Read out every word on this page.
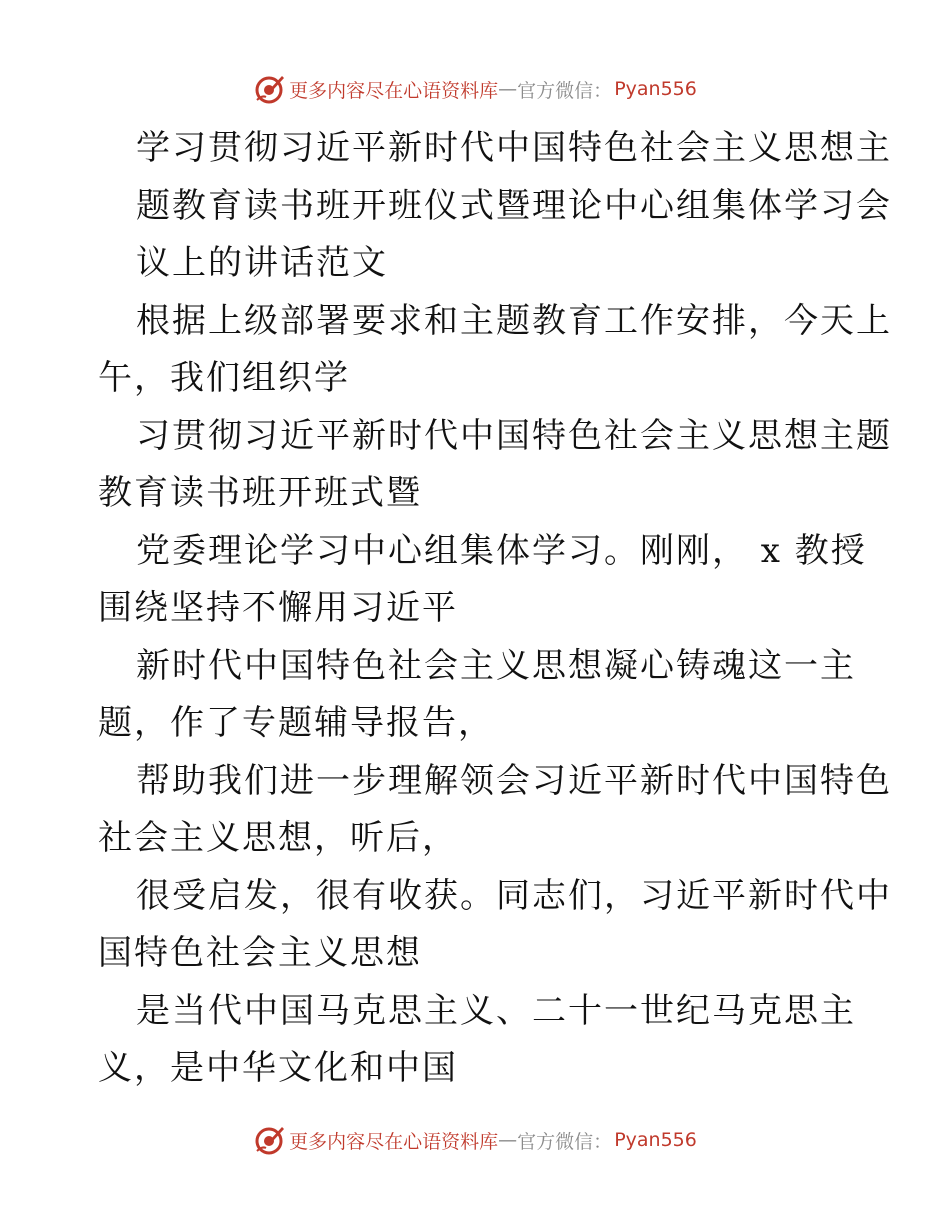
更多内容尽在心语资料库 — 官方微信： Pyan556

学习贯彻习近平新时代中国特色社会主义思想主

题教育读书班开班仪式暨理论中心组集体学习会

议上的讲话范文

根据上级部署要求和主题教育工作安排，今天上

午，我们组织学

习贯彻习近平新时代中国特色社会主义思想主题

教育读书班开班式暨

党委理论学习中心组集体学习。刚刚， x 教授

围绕坚持不懈用习近平

新时代中国特色社会主义思想凝心铸魂这一主

题，作了专题辅导报告，

帮助我们进一步理解领会习近平新时代中国特色

社会主义思想，听后，

很受启发，很有收获。同志们，习近平新时代中

国特色社会主义思想

是当代中国马克思主义、二十一世纪马克思主

义，是中华文化和中国

更多内容尽在心语资料库 — 官方微信： Pyan556
